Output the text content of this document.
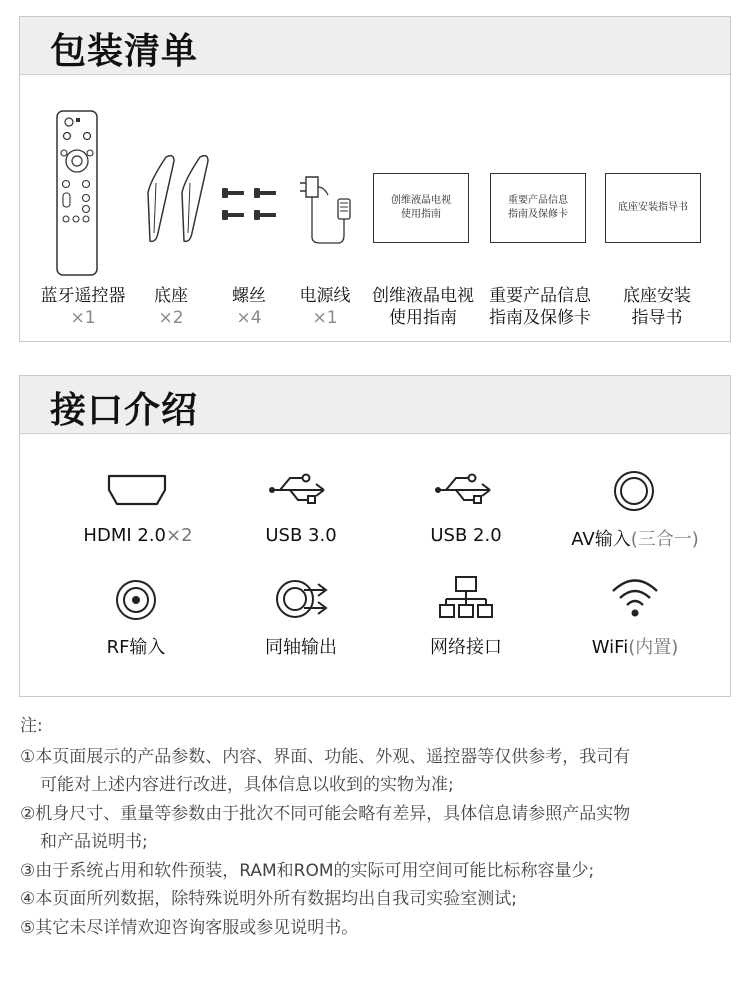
包装清单
创维液晶电视
使用指南
重要产品信息
指南及保修卡
底座安装指导书
蓝牙遥控器
×1
底座
×2
螺丝
×4
电源线
×1
创维液晶电视
使用指南
重要产品信息
指南及保修卡
底座安装
指导书
接口介绍
HDMI 2.0×2	USB 3.0	USB 2.0	AV输入(三合一)
RF输入	同轴输出	网络接口	WiFi(内置)
注:
①本页面展示的产品参数、内容、界面、功能、外观、遥控器等仅供参考，我司有
可能对上述内容进行改进，具体信息以收到的实物为准;
②机身尺寸、重量等参数由于批次不同可能会略有差异，具体信息请参照产品实物
和产品说明书;
③由于系统占用和软件预装，RAM和ROM的实际可用空间可能比标称容量少;
④本页面所列数据，除特殊说明外所有数据均出自我司实验室测试;
⑤其它未尽详情欢迎咨询客服或参见说明书。
